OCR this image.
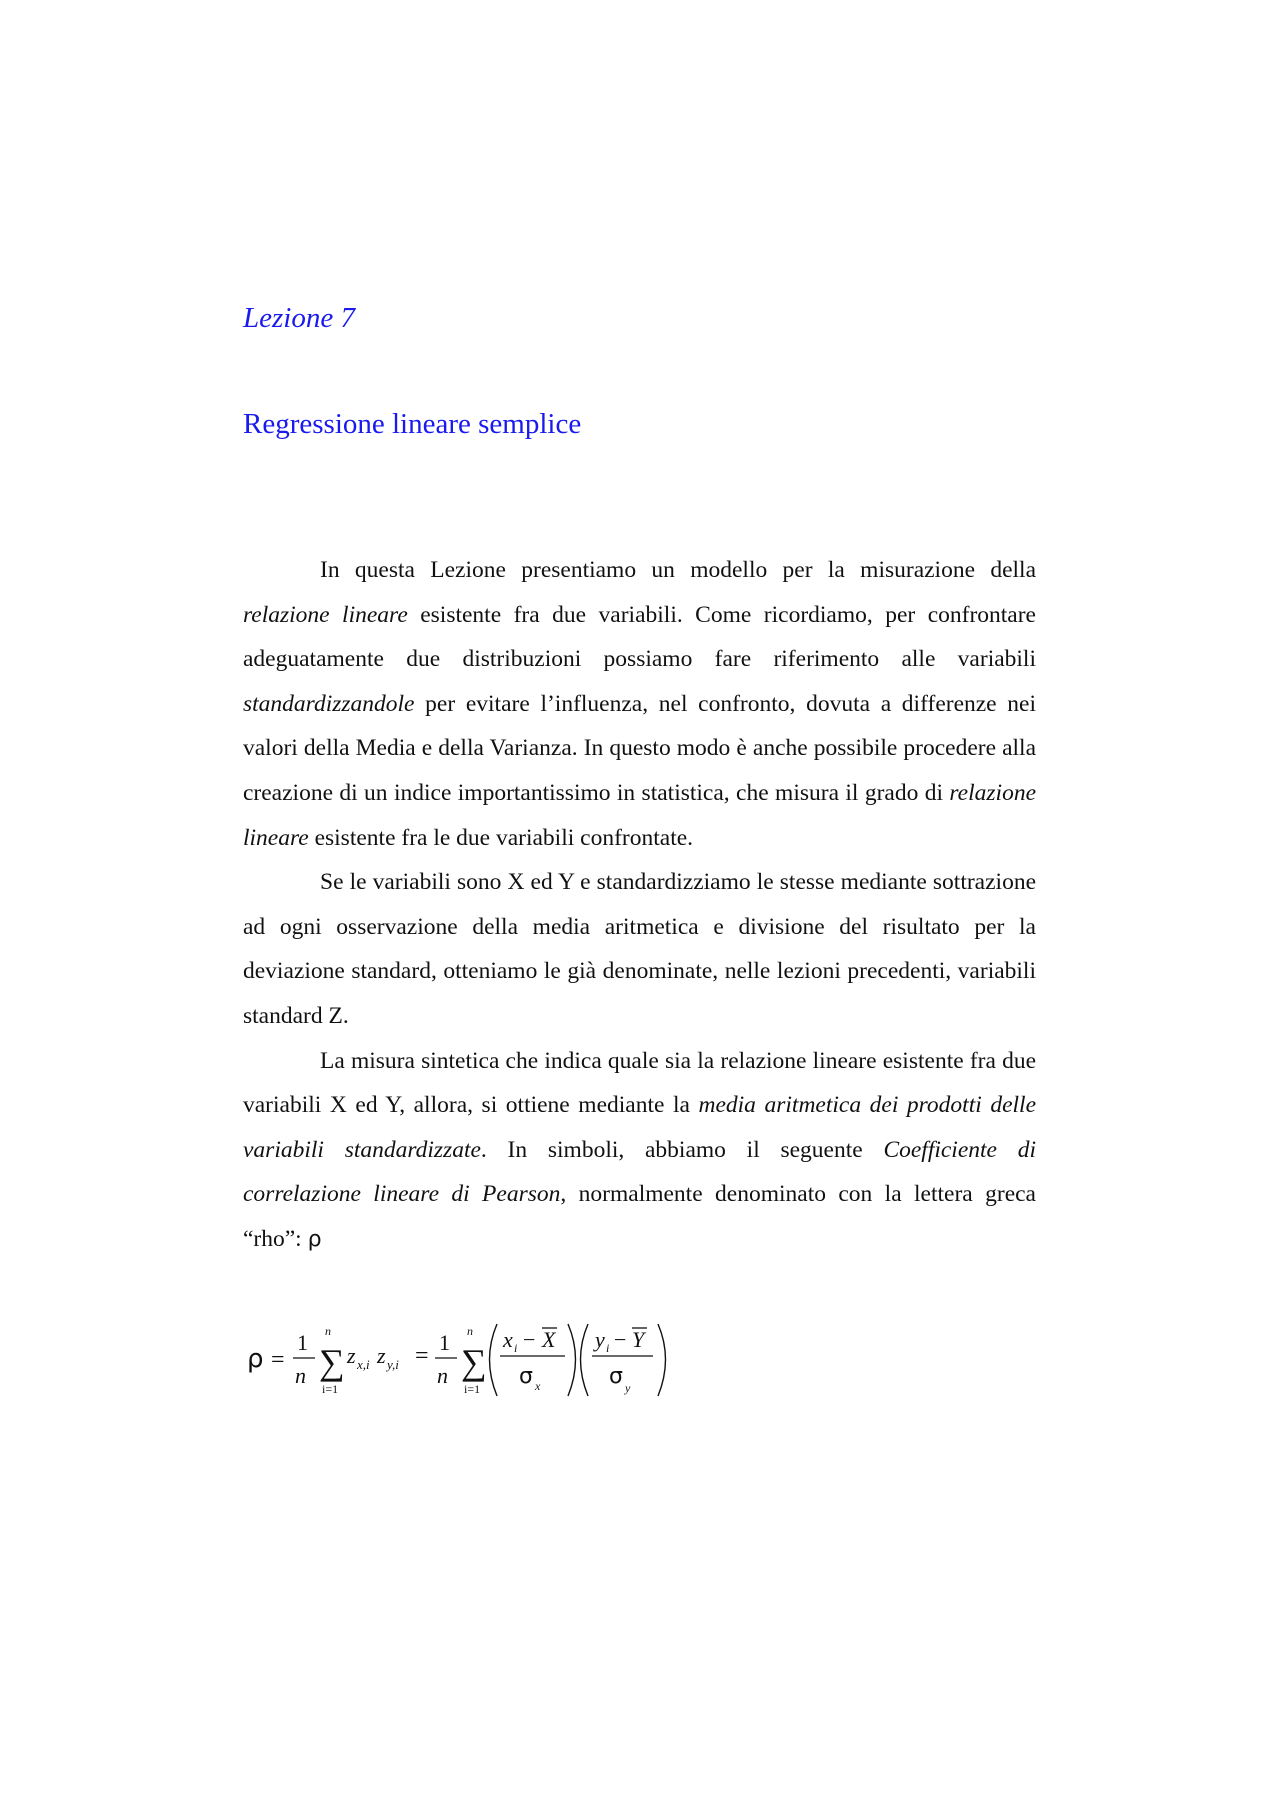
Lezione 7
Regressione lineare semplice

In questa Lezione presentiamo un modello per la misurazione della relazione lineare esistente fra due variabili. Come ricordiamo, per confrontare adeguatamente due distribuzioni possiamo fare riferimento alle variabili standardizzandole per evitare l’influenza, nel confronto, dovuta a differenze nei valori della Media e della Varianza. In questo modo è anche possibile procedere alla creazione di un indice importantissimo in statistica, che misura il grado di relazione lineare esistente fra le due variabili confrontate.

Se le variabili sono X ed Y e standardizziamo le stesse mediante sottrazione ad ogni osservazione della media aritmetica e divisione del risultato per la deviazione standard, otteniamo le già denominate, nelle lezioni precedenti, variabili standard Z.

La misura sintetica che indica quale sia la relazione lineare esistente fra due variabili X ed Y, allora, si ottiene mediante la media aritmetica dei prodotti delle variabili standardizzate. In simboli, abbiamo il seguente Coefficiente di correlazione lineare di Pearson, normalmente denominato con la lettera greca “rho”: ρ

ρ =
1
n ∑
n
i=1
z x,i z y,i =
1
n ∑
n
i=1
x i − X
σ x
y i − Y
σ y
